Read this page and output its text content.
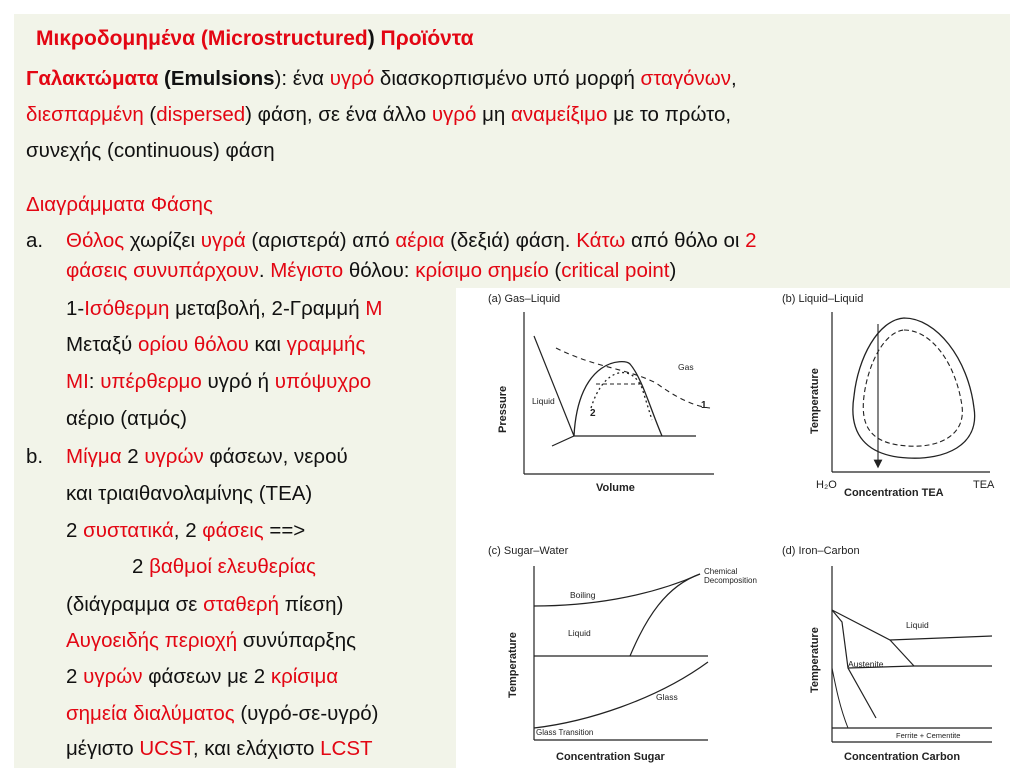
Μικροδομημένα (Microstructured) Προϊόντα
Γαλακτώματα (Emulsions): ένα υγρό διασκορπισμένο υπό μορφή σταγόνων,
διεσπαρμένη (dispersed) φάση, σε ένα άλλο υγρό μη αναμείξιμο με το πρώτο,
συνεχής (continuous) φάση
Διαγράμματα Φάσης
a. Θόλος χωρίζει υγρά (αριστερά) από αέρια (δεξιά) φάση. Κάτω από θόλο οι 2
φάσεις συνυπάρχουν. Μέγιστο θόλου: κρίσιμο σημείο (critical point)
1-Ισόθερμη μεταβολή, 2-Γραμμή M
Μεταξύ ορίου θόλου και γραμμής
MI: υπέρθερμο υγρό ή υπόψυχρο
αέριο (ατμός)
b. Μίγμα 2 υγρών φάσεων, νερού
και τριαιθανολαμίνης (TEA)
2 συστατικά, 2 φάσεις ==>
2 βαθμοί ελευθερίας
(διάγραμμα σε σταθερή πίεση)
Αυγοειδής περιοχή συνύπαρξης
2 υγρών φάσεων με 2 κρίσιμα
σημεία διαλύματος (υγρό-σε-υγρό)
μέγιστο UCST, και ελάχιστο LCST
(a) Gas–Liquid
Pressure
Volume
Liquid
Gas
1
2
(b) Liquid–Liquid
Temperature
H₂O
Concentration TEA
TEA
(c) Sugar–Water
Temperature
Concentration Sugar
Chemical
Decomposition
Boiling
Liquid
Glass
Glass Transition
(d) Iron–Carbon
Temperature
Concentration Carbon
Liquid
Austenite
Ferrite + Cementite
